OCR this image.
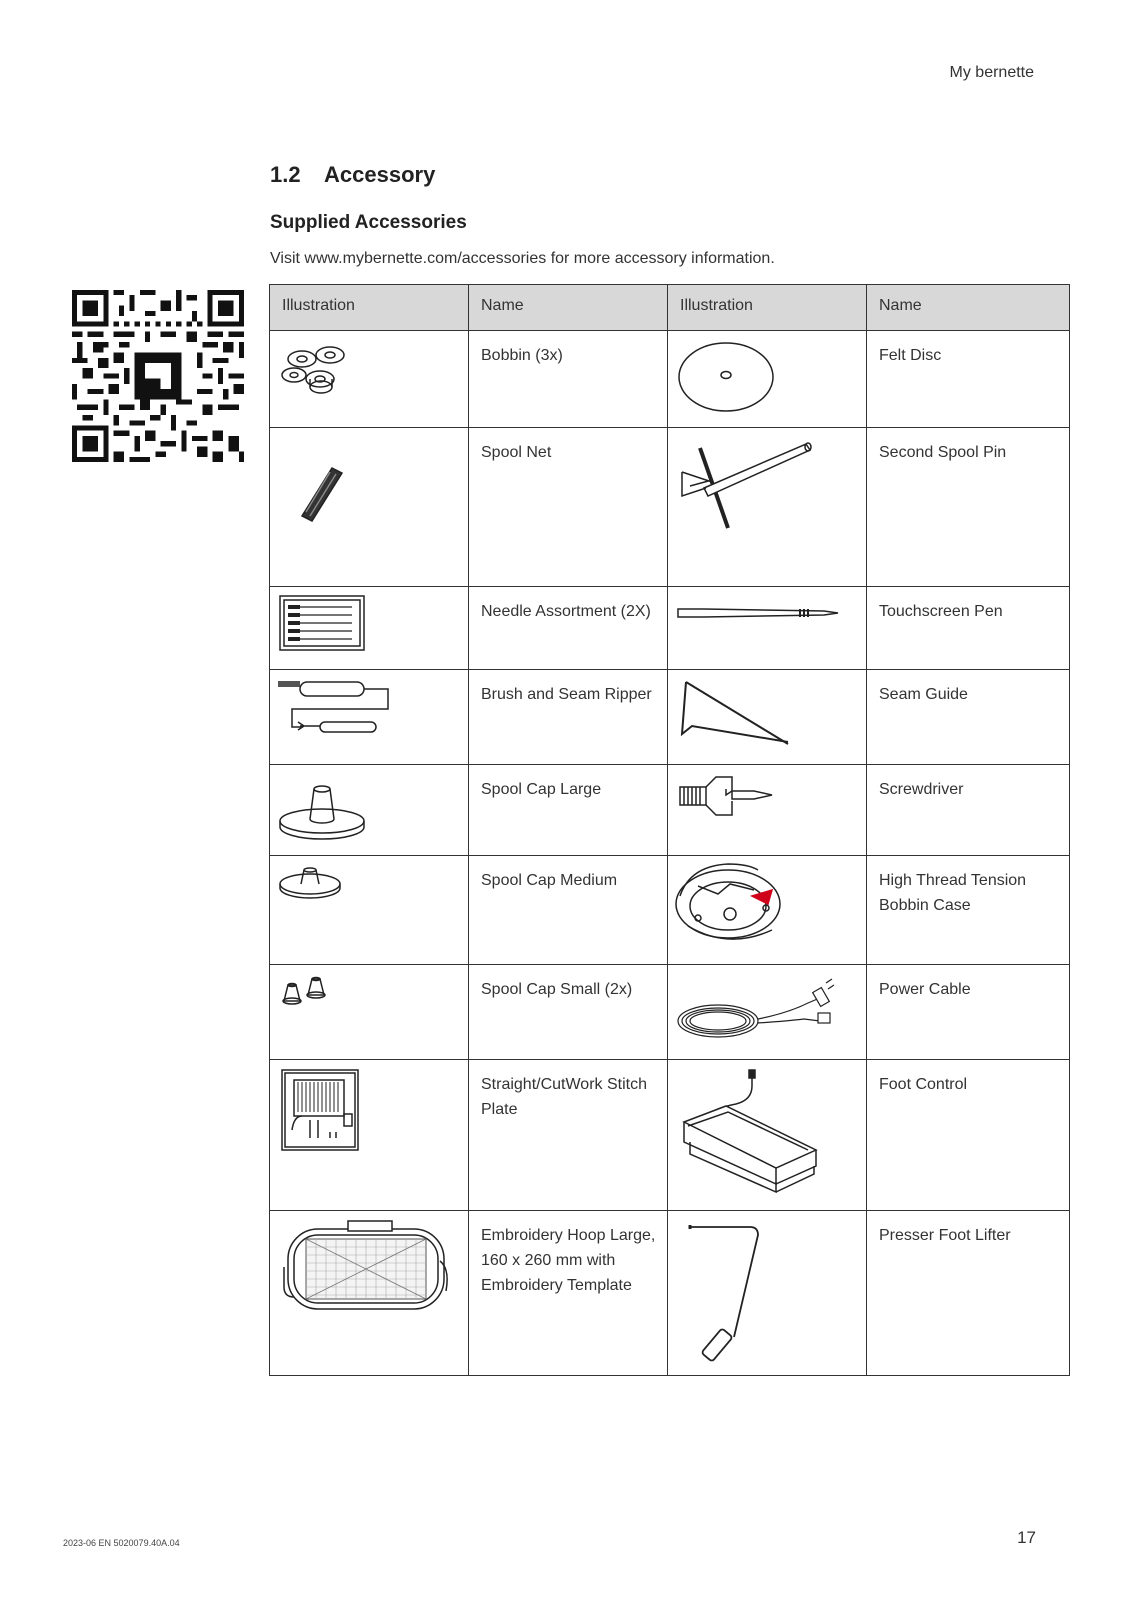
My bernette
1.2 Accessory
Supplied Accessories
Visit www.mybernette.com/accessories for more accessory information.
Illustration	Name	Illustration	Name

	Bobbin (3x)		Felt Disc

	Spool Net		Second Spool Pin

	Needle Assortment (2X)		Touchscreen Pen

	Brush and Seam Ripper		Seam Guide

	Spool Cap Large		Screwdriver

	Spool Cap Medium		High Thread Tension Bobbin Case

	Spool Cap Small (2x)		Power Cable

	Straight/CutWork Stitch Plate		Foot Control

	Embroidery Hoop Large, 160 x 260 mm with Embroidery Template		Presser Foot Lifter
2023-06 EN 5020079.40A.04	17
